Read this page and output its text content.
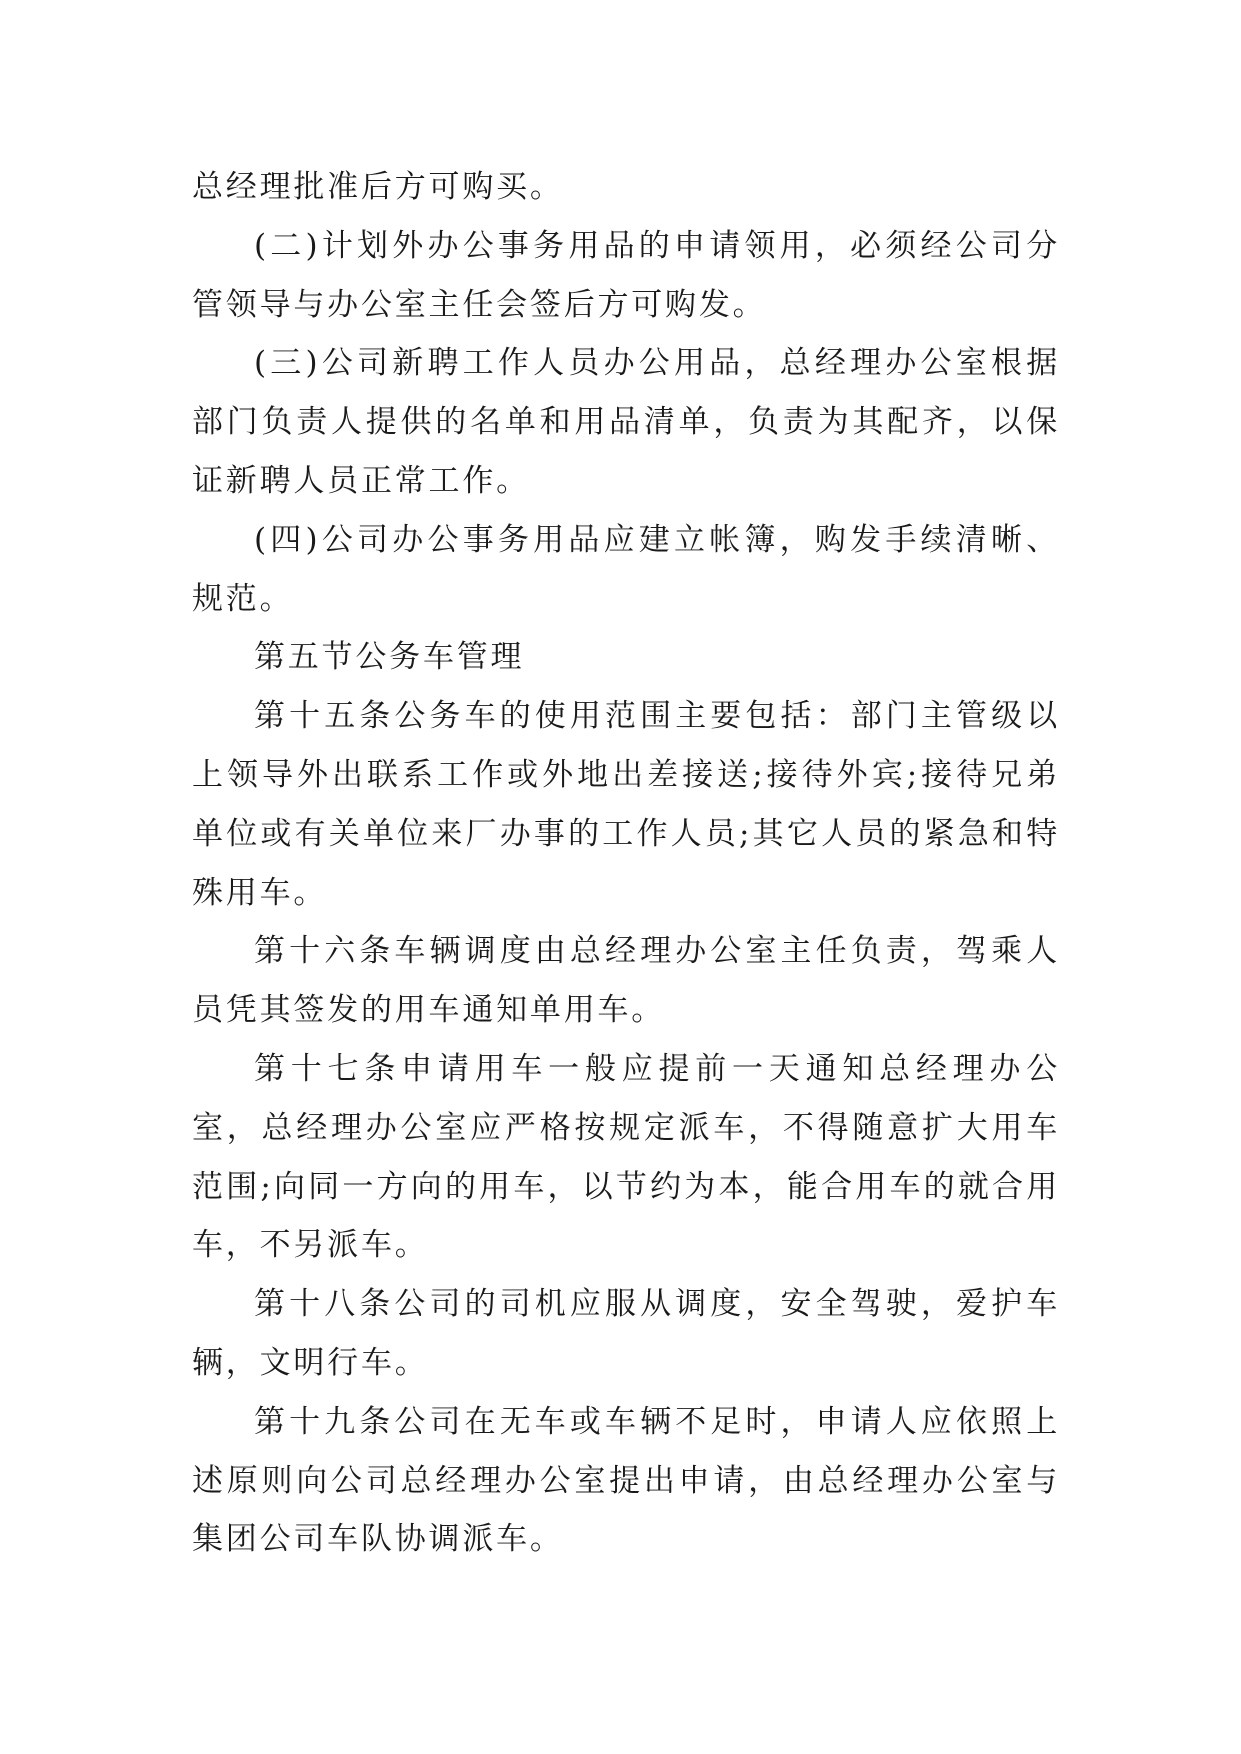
总经理批准后方可购买。

(二)计划外办公事务用品的申请领用，必须经公司分管领导与办公室主任会签后方可购发。

(三)公司新聘工作人员办公用品，总经理办公室根据部门负责人提供的名单和用品清单，负责为其配齐，以保证新聘人员正常工作。

(四)公司办公事务用品应建立帐簿，购发手续清晰、规范。

第五节公务车管理

第十五条公务车的使用范围主要包括：部门主管级以上领导外出联系工作或外地出差接送;接待外宾;接待兄弟单位或有关单位来厂办事的工作人员;其它人员的紧急和特殊用车。

第十六条车辆调度由总经理办公室主任负责，驾乘人员凭其签发的用车通知单用车。

第十七条申请用车一般应提前一天通知总经理办公室，总经理办公室应严格按规定派车，不得随意扩大用车范围;向同一方向的用车，以节约为本，能合用车的就合用车，不另派车。

第十八条公司的司机应服从调度，安全驾驶，爱护车辆，文明行车。

第十九条公司在无车或车辆不足时，申请人应依照上述原则向公司总经理办公室提出申请，由总经理办公室与集团公司车队协调派车。
